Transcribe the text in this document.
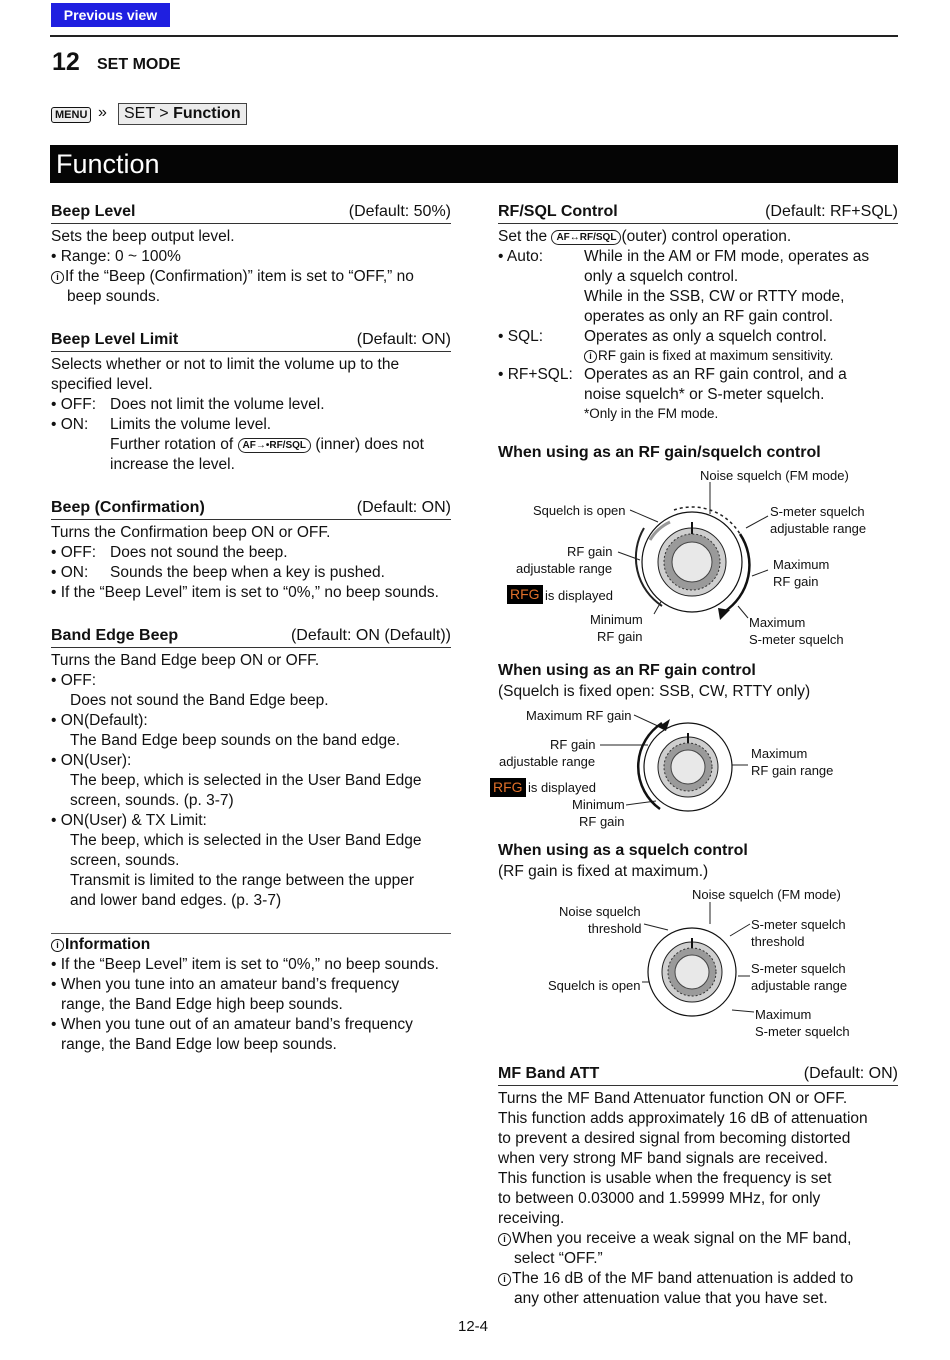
Previous view
12 SET MODE
MENU »	SET > Function
Function
Beep Level	(Default: 50%)
Sets the beep output level.
• Range: 0 ~ 100%
i If the “Beep (Confirmation)” item is set to “OFF,” no
beep sounds.
Beep Level Limit	(Default: ON)
Selects whether or not to limit the volume up to the
specified level.
• OFF: Does not limit the volume level.
• ON: Limits the volume level.
Further rotation of AF→•RF/SQL (inner) does not
increase the level.
Beep (Confirmation)	(Default: ON)
Turns the Confirmation beep ON or OFF.
• OFF: Does not sound the beep.
• ON: Sounds the beep when a key is pushed.
• If the “Beep Level” item is set to “0%,” no beep sounds.
Band Edge Beep	(Default: ON (Default))
Turns the Band Edge beep ON or OFF.
• OFF:
Does not sound the Band Edge beep.
• ON(Default):
The Band Edge beep sounds on the band edge.
• ON(User):
The beep, which is selected in the User Band Edge
screen, sounds. (p. 3-7)
• ON(User) & TX Limit:
The beep, which is selected in the User Band Edge
screen, sounds.
Transmit is limited to the range between the upper
and lower band edges. (p. 3-7)
i Information
• If the “Beep Level” item is set to “0%,” no beep sounds.
• When you tune into an amateur band’s frequency
range, the Band Edge high beep sounds.
• When you tune out of an amateur band’s frequency
range, the Band Edge low beep sounds.
RF/SQL Control	(Default: RF+SQL)
Set the AF↔RF/SQL (outer) control operation.
• Auto:	While in the AM or FM mode, operates as
only a squelch control.
While in the SSB, CW or RTTY mode,
operates as only an RF gain control.
• SQL:	Operates as only a squelch control.
i RF gain is fixed at maximum sensitivity.
• RF+SQL: Operates as an RF gain control, and a
noise squelch* or S-meter squelch.
*Only in the FM mode.
When using as an RF gain/squelch control
Noise squelch (FM mode)
Squelch is open
RF gain
adjustable range
RFG is displayed
Minimum
RF gain
S-meter squelch
adjustable range
Maximum
RF gain
Maximum
S-meter squelch
When using as an RF gain control
(Squelch is fixed open: SSB, CW, RTTY only)
Maximum RF gain
RF gain
adjustable range
RFG is displayed
Minimum
RF gain
Maximum
RF gain range
When using as a squelch control
(RF gain is fixed at maximum.)
Noise squelch (FM mode)
Noise squelch
threshold	S-meter squelch
threshold
Squelch is open
S-meter squelch
adjustable range
Maximum
S-meter squelch
MF Band ATT	(Default: ON)
Turns the MF Band Attenuator function ON or OFF.
This function adds approximately 16 dB of attenuation
to prevent a desired signal from becoming distorted
when very strong MF band signals are received.
This function is usable when the frequency is set
to between 0.03000 and 1.59999 MHz, for only
receiving.
i When you receive a weak signal on the MF band,
select “OFF.”
i The 16 dB of the MF band attenuation is added to
any other attenuation value that you have set.
12-4
